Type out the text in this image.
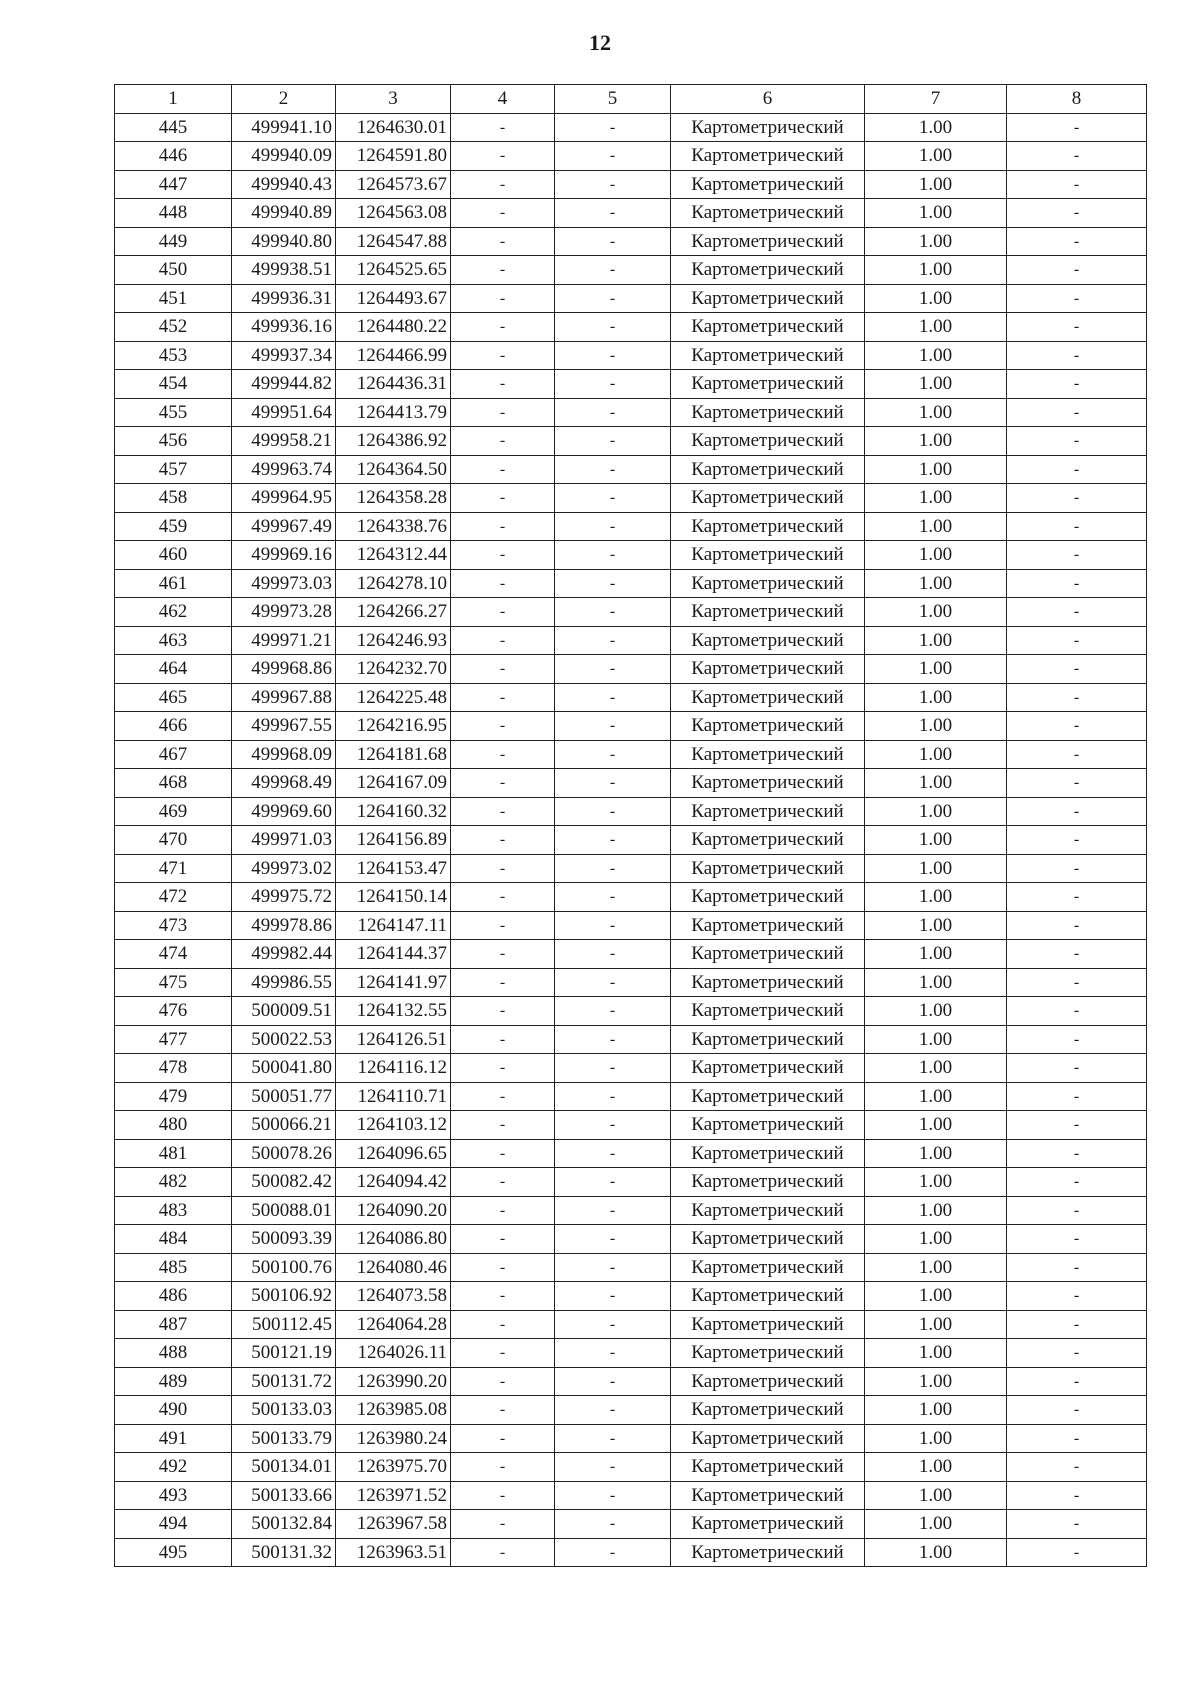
12
1	2	3	4	5	6	7	8
445	499941.10	1264630.01	-	-	Картометрический	1.00	-
446	499940.09	1264591.80	-	-	Картометрический	1.00	-
447	499940.43	1264573.67	-	-	Картометрический	1.00	-
448	499940.89	1264563.08	-	-	Картометрический	1.00	-
449	499940.80	1264547.88	-	-	Картометрический	1.00	-
450	499938.51	1264525.65	-	-	Картометрический	1.00	-
451	499936.31	1264493.67	-	-	Картометрический	1.00	-
452	499936.16	1264480.22	-	-	Картометрический	1.00	-
453	499937.34	1264466.99	-	-	Картометрический	1.00	-
454	499944.82	1264436.31	-	-	Картометрический	1.00	-
455	499951.64	1264413.79	-	-	Картометрический	1.00	-
456	499958.21	1264386.92	-	-	Картометрический	1.00	-
457	499963.74	1264364.50	-	-	Картометрический	1.00	-
458	499964.95	1264358.28	-	-	Картометрический	1.00	-
459	499967.49	1264338.76	-	-	Картометрический	1.00	-
460	499969.16	1264312.44	-	-	Картометрический	1.00	-
461	499973.03	1264278.10	-	-	Картометрический	1.00	-
462	499973.28	1264266.27	-	-	Картометрический	1.00	-
463	499971.21	1264246.93	-	-	Картометрический	1.00	-
464	499968.86	1264232.70	-	-	Картометрический	1.00	-
465	499967.88	1264225.48	-	-	Картометрический	1.00	-
466	499967.55	1264216.95	-	-	Картометрический	1.00	-
467	499968.09	1264181.68	-	-	Картометрический	1.00	-
468	499968.49	1264167.09	-	-	Картометрический	1.00	-
469	499969.60	1264160.32	-	-	Картометрический	1.00	-
470	499971.03	1264156.89	-	-	Картометрический	1.00	-
471	499973.02	1264153.47	-	-	Картометрический	1.00	-
472	499975.72	1264150.14	-	-	Картометрический	1.00	-
473	499978.86	1264147.11	-	-	Картометрический	1.00	-
474	499982.44	1264144.37	-	-	Картометрический	1.00	-
475	499986.55	1264141.97	-	-	Картометрический	1.00	-
476	500009.51	1264132.55	-	-	Картометрический	1.00	-
477	500022.53	1264126.51	-	-	Картометрический	1.00	-
478	500041.80	1264116.12	-	-	Картометрический	1.00	-
479	500051.77	1264110.71	-	-	Картометрический	1.00	-
480	500066.21	1264103.12	-	-	Картометрический	1.00	-
481	500078.26	1264096.65	-	-	Картометрический	1.00	-
482	500082.42	1264094.42	-	-	Картометрический	1.00	-
483	500088.01	1264090.20	-	-	Картометрический	1.00	-
484	500093.39	1264086.80	-	-	Картометрический	1.00	-
485	500100.76	1264080.46	-	-	Картометрический	1.00	-
486	500106.92	1264073.58	-	-	Картометрический	1.00	-
487	500112.45	1264064.28	-	-	Картометрический	1.00	-
488	500121.19	1264026.11	-	-	Картометрический	1.00	-
489	500131.72	1263990.20	-	-	Картометрический	1.00	-
490	500133.03	1263985.08	-	-	Картометрический	1.00	-
491	500133.79	1263980.24	-	-	Картометрический	1.00	-
492	500134.01	1263975.70	-	-	Картометрический	1.00	-
493	500133.66	1263971.52	-	-	Картометрический	1.00	-
494	500132.84	1263967.58	-	-	Картометрический	1.00	-
495	500131.32	1263963.51	-	-	Картометрический	1.00	-
